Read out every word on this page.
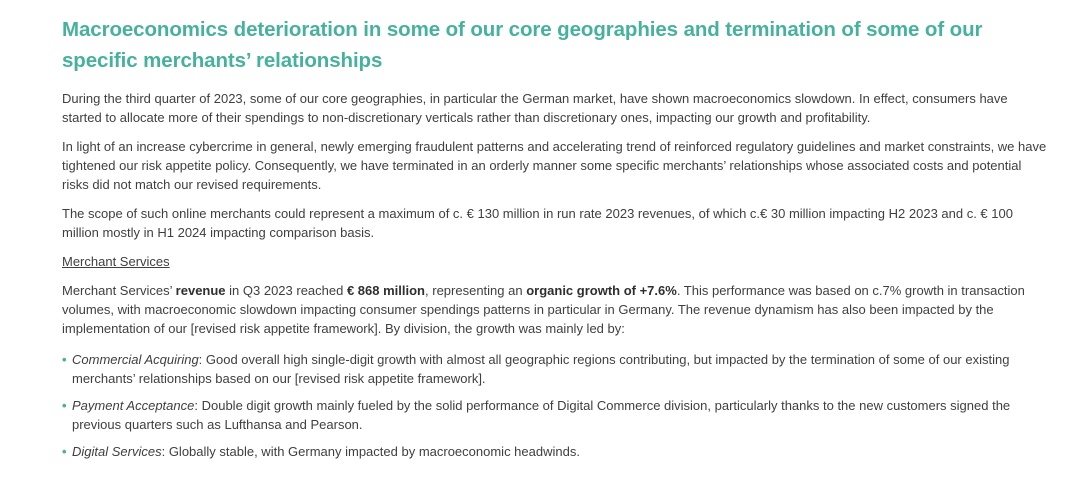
Macroeconomics deterioration in some of our core geographies and termination of some of our specific merchants’ relationships

During the third quarter of 2023, some of our core geographies, in particular the German market, have shown macroeconomics slowdown. In effect, consumers have started to allocate more of their spendings to non-discretionary verticals rather than discretionary ones, impacting our growth and profitability.

In light of an increase cybercrime in general, newly emerging fraudulent patterns and accelerating trend of reinforced regulatory guidelines and market constraints, we have tightened our risk appetite policy. Consequently, we have terminated in an orderly manner some specific merchants’ relationships whose associated costs and potential risks did not match our revised requirements.

The scope of such online merchants could represent a maximum of c. € 130 million in run rate 2023 revenues, of which c.€ 30 million impacting H2 2023 and c. € 100 million mostly in H1 2024 impacting comparison basis.

Merchant Services

Merchant Services’ revenue in Q3 2023 reached € 868 million, representing an organic growth of +7.6%. This performance was based on c.7% growth in transaction volumes, with macroeconomic slowdown impacting consumer spendings patterns in particular in Germany. The revenue dynamism has also been impacted by the implementation of our [revised risk appetite framework]. By division, the growth was mainly led by:

• Commercial Acquiring: Good overall high single-digit growth with almost all geographic regions contributing, but impacted by the termination of some of our existing merchants’ relationships based on our [revised risk appetite framework].
• Payment Acceptance: Double digit growth mainly fueled by the solid performance of Digital Commerce division, particularly thanks to the new customers signed the previous quarters such as Lufthansa and Pearson.
• Digital Services: Globally stable, with Germany impacted by macroeconomic headwinds.
